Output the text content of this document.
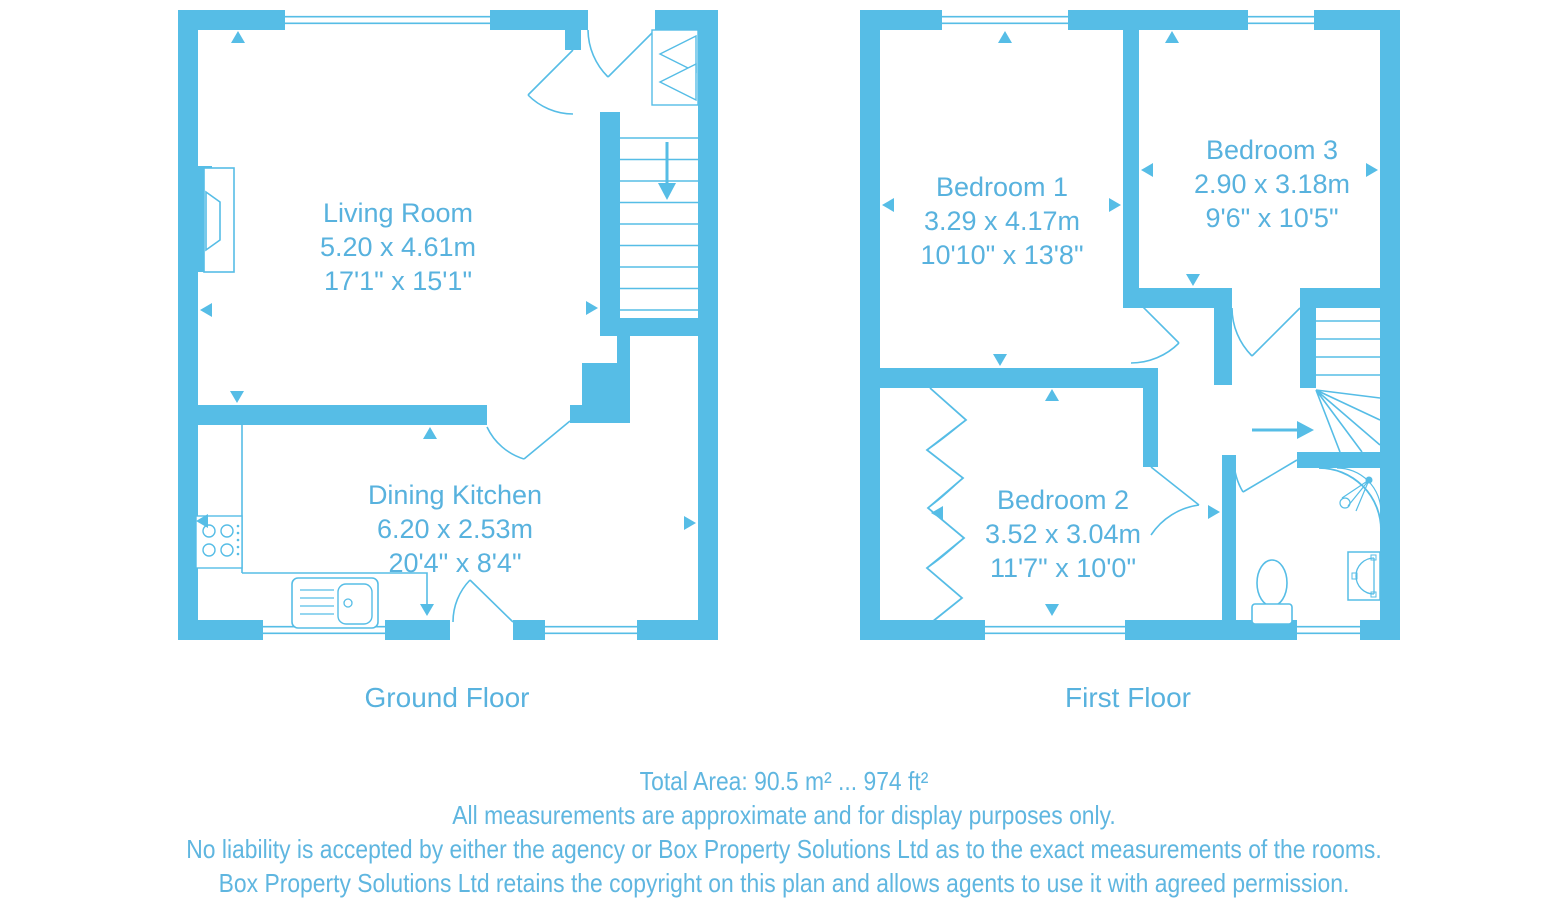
Living Room
5.20 x 4.61m
17'1" x 15'1"
Dining Kitchen
6.20 x 2.53m
20'4" x 8'4"
Bedroom 1
3.29 x 4.17m
10'10" x 13'8"
Bedroom 3
2.90 x 3.18m
9'6" x 10'5"
Bedroom 2
3.52 x 3.04m
11'7" x 10'0"
Ground Floor	First Floor
Total Area: 90.5 m² ... 974 ft²
All measurements are approximate and for display purposes only.
No liability is accepted by either the agency or Box Property Solutions Ltd as to the exact measurements of the rooms.
Box Property Solutions Ltd retains the copyright on this plan and allows agents to use it with agreed permission.
